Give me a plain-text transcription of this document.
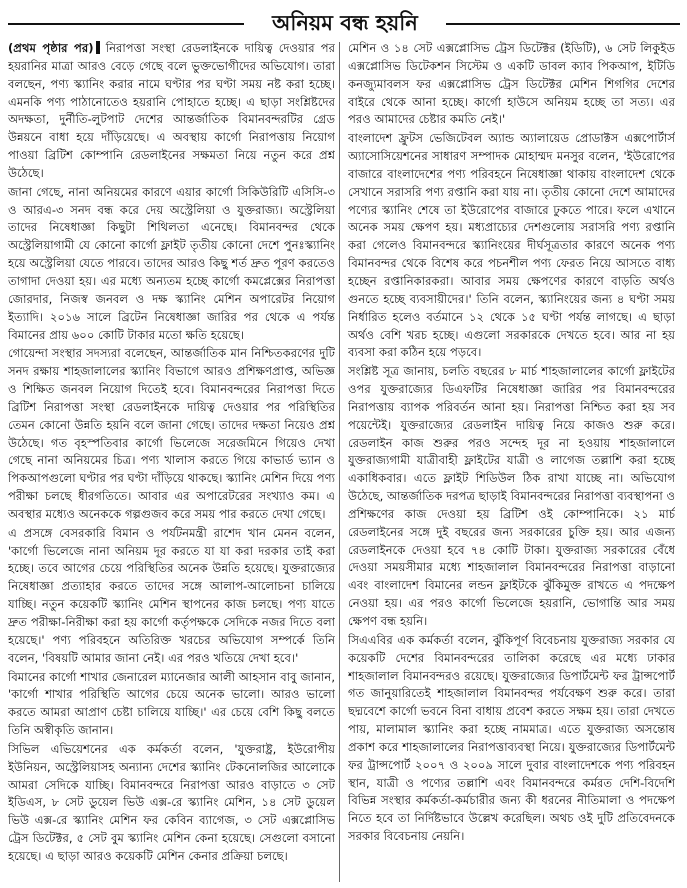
অনিয়ম বন্ধ হয়নি

(প্রথম পৃষ্ঠার পর) নিরাপত্তা সংস্থা রেডলাইনকে দায়িত্ব দেওয়ার পর হয়রানির মাত্রা আরও বেড়ে গেছে বলে ভুক্তভোগীদের অভিযোগ। তারা বলছেন, পণ্য স্ক্যানিং করার নামে ঘণ্টার পর ঘণ্টা সময় নষ্ট করা হচ্ছে। এমনকি পণ্য পাঠানোতেও হয়রানি পোহাতে হচ্ছে। এ ছাড়া সংশ্লিষ্টদের অদক্ষতা, দুর্নীতি-লুটপাট দেশের আন্তর্জাতিক বিমানবন্দরটির গ্রেড উন্নয়নে বাধা হয়ে দাঁড়িয়েছে। এ অবস্থায় কার্গো নিরাপত্তায় নিয়োগ পাওয়া ব্রিটিশ কোম্পানি রেডলাইনের সক্ষমতা নিয়ে নতুন করে প্রশ্ন উঠেছে।

জানা গেছে, নানা অনিয়মের কারণে এয়ার কার্গো সিকিউরিটি এসিসি-৩ ও আরএ-৩ সনদ বন্ধ করে দেয় অস্ট্রেলিয়া ও যুক্তরাজ্য। অস্ট্রেলিয়া তাদের নিষেধাজ্ঞা কিছুটা শিথিলতা এনেছে। বিমানবন্দর থেকে অস্ট্রেলিয়াগামী যে কোনো কার্গো ফ্লাইট তৃতীয় কোনো দেশে পুনঃস্ক্যানিং হয়ে অস্ট্রেলিয়া যেতে পারবে। তাদের আরও কিছু শর্ত দ্রুত পূরণ করতেও তাগাদা দেওয়া হয়। এর মধ্যে অন্যতম হচ্ছে কার্গো কমপ্লেক্সের নিরাপত্তা জোরদার, নিজস্ব জনবল ও দক্ষ স্ক্যানিং মেশিন অপারেটর নিয়োগ ইত্যাদি। ২০১৬ সালে ব্রিটেন নিষেধাজ্ঞা জারির পর থেকে এ পর্যন্ত বিমানের প্রায় ৬০০ কোটি টাকার মতো ক্ষতি হয়েছে।

গোয়েন্দা সংস্থার সদস্যরা বলেছেন, আন্তর্জাতিক মান নিশ্চিতকরণের দুটি সনদ রক্ষায় শাহজালালের স্ক্যানিং বিভাগে আরও প্রশিক্ষণপ্রাপ্ত, অভিজ্ঞ ও শিক্ষিত জনবল নিয়োগ দিতেই হবে। বিমানবন্দরের নিরাপত্তা দিতে ব্রিটিশ নিরাপত্তা সংস্থা রেডলাইনকে দায়িত্ব দেওয়ার পর পরিস্থিতির তেমন কোনো উন্নতি হয়নি বলে জানা গেছে। তাদের দক্ষতা নিয়েও প্রশ্ন উঠেছে। গত বৃহস্পতিবার কার্গো ভিলেজে সরেজমিনে গিয়েও দেখা গেছে নানা অনিয়মের চিত্র। পণ্য খালাস করতে গিয়ে কাভার্ড ভ্যান ও পিকআপগুলো ঘণ্টার পর ঘণ্টা দাঁড়িয়ে থাকছে। স্ক্যানিং মেশিন দিয়ে পণ্য পরীক্ষা চলছে ধীরগতিতে। আবার এর অপারেটরের সংখ্যাও কম। এ অবস্থার মধ্যেও অনেককে গল্পগুজব করে সময় পার করতে দেখা গেছে।

এ প্রসঙ্গে বেসরকারি বিমান ও পর্যটনমন্ত্রী রাশেদ খান মেনন বলেন, 'কার্গো ভিলেজে নানা অনিয়ম দূর করতে যা যা করা দরকার তাই করা হচ্ছে। তবে আগের চেয়ে পরিস্থিতির অনেক উন্নতি হয়েছে। যুক্তরাজ্যের নিষেধাজ্ঞা প্রত্যাহার করতে তাদের সঙ্গে আলাপ-আলোচনা চালিয়ে যাচ্ছি। নতুন কয়েকটি স্ক্যানিং মেশিন স্থাপনের কাজ চলছে। পণ্য যাতে দ্রুত পরীক্ষা-নিরীক্ষা করা হয় কার্গো কর্তৃপক্ষকে সেদিকে নজর দিতে বলা হয়েছে।' পণ্য পরিবহনে অতিরিক্ত খরচের অভিযোগ সম্পর্কে তিনি বলেন, 'বিষয়টি আমার জানা নেই। এর পরও খতিয়ে দেখা হবে।'

বিমানের কার্গো শাখার জেনারেল ম্যানেজার আলী আহসান বাবু জানান, 'কার্গো শাখার পরিস্থিতি আগের চেয়ে অনেক ভালো। আরও ভালো করতে আমরা আপ্রাণ চেষ্টা চালিয়ে যাচ্ছি।' এর চেয়ে বেশি কিছু বলতে তিনি অস্বীকৃতি জানান।

সিভিল এভিয়েশনের এক কর্মকর্তা বলেন, 'যুক্তরাষ্ট্র, ইউরোপীয় ইউনিয়ন, অস্ট্রেলিয়াসহ অন্যান্য দেশের স্ক্যানিং টেকনোলজির আলোকে আমরা সেদিকে যাচ্ছি। বিমানবন্দরে নিরাপত্তা আরও বাড়াতে ৩ সেট ইডিএস, ৮ সেট ডুয়েল ভিউ এক্স-রে স্ক্যানিং মেশিন, ১৪ সেট ডুয়েল ভিউ এক্স-রে স্ক্যানিং মেশিন ফর কেবিন ব্যাগেজ, ৩ সেট এক্সপ্লোসিভ ট্রেস ডিটেক্টর, ৫ সেট বুম স্ক্যানিং মেশিন কেনা হয়েছে। সেগুলো বসানো হয়েছে। এ ছাড়া আরও কয়েকটি মেশিন কেনার প্রক্রিয়া চলছে।

মেশিন ও ১৪ সেট এক্সপ্লোসিভ ট্রেস ডিটেক্টর (ইডিটি), ৬ সেট লিকুইড এক্সপ্লোসিভ ডিটেকশন সিস্টেম ও একটি ডাবল ক্যাব পিকআপ, ইটিডি কনজ্যুমাবলস ফর এক্সপ্লোসিভ ট্রেস ডিটেক্টর মেশিন শিগগির দেশের বাইরে থেকে আনা হচ্ছে। কার্গো হাউসে অনিয়ম হচ্ছে তা সত্য। এর পরও আমাদের চেষ্টার কমতি নেই।'

বাংলাদেশ ফ্রুটস ভেজিটেবল অ্যান্ড অ্যালায়েড প্রোডাক্টস এক্সপোর্টার্স অ্যাসোসিয়েশনের সাধারণ সম্পাদক মোহাম্মদ মনসুর বলেন, 'ইউরোপের বাজারে বাংলাদেশের পণ্য পরিবহনে নিষেধাজ্ঞা থাকায় বাংলাদেশ থেকে সেখানে সরাসরি পণ্য রপ্তানি করা যায় না। তৃতীয় কোনো দেশে আমাদের পণ্যের স্ক্যানিং শেষে তা ইউরোপের বাজারে ঢুকতে পারে। ফলে এখানে অনেক সময় ক্ষেপণ হয়। মধ্যপ্রাচ্যের দেশগুলোয় সরাসরি পণ্য রপ্তানি করা গেলেও বিমানবন্দরে স্ক্যানিংয়ের দীর্ঘসূত্রতার কারণে অনেক পণ্য বিমানবন্দর থেকে বিশেষ করে পচনশীল পণ্য ফেরত নিয়ে আসতে বাধ্য হচ্ছেন রপ্তানিকারকরা। আবার সময় ক্ষেপণের কারণে বাড়তি অর্থও গুনতে হচ্ছে ব্যবসায়ীদের।' তিনি বলেন, স্ক্যানিংয়ের জন্য ৪ ঘণ্টা সময় নির্ধারিত হলেও বর্তমানে ১২ থেকে ১৫ ঘণ্টা পর্যন্ত লাগছে। এ ছাড়া অর্থও বেশি খরচ হচ্ছে। এগুলো সরকারকে দেখতে হবে। আর না হয় ব্যবসা করা কঠিন হয়ে পড়বে।

সংশ্লিষ্ট সূত্র জানায়, চলতি বছরের ৮ মার্চ শাহজালালের কার্গো ফ্লাইটের ওপর যুক্তরাজ্যের ডিএফটির নিষেধাজ্ঞা জারির পর বিমানবন্দরের নিরাপত্তায় ব্যাপক পরিবর্তন আনা হয়। নিরাপত্তা নিশ্চিত করা হয় সব পয়েন্টেই। যুক্তরাজ্যের রেডলাইন দায়িত্ব নিয়ে কাজও শুরু করে। রেডলাইন কাজ শুরুর পরও সন্দেহ দূর না হওয়ায় শাহজালালে যুক্তরাজ্যগামী যাত্রীবাহী ফ্লাইটের যাত্রী ও লাগেজ তল্লাশি করা হচ্ছে একাধিকবার। এতে ফ্লাইট শিডিউল ঠিক রাখা যাচ্ছে না। অভিযোগ উঠেছে, আন্তর্জাতিক দরপত্র ছাড়াই বিমানবন্দরের নিরাপত্তা ব্যবস্থাপনা ও প্রশিক্ষণের কাজ দেওয়া হয় ব্রিটিশ ওই কোম্পানিকে। ২১ মার্চ রেডলাইনের সঙ্গে দুই বছরের জন্য সরকারের চুক্তি হয়। আর এজন্য রেডলাইনকে দেওয়া হবে ৭৪ কোটি টাকা। যুক্তরাজ্য সরকারের বেঁধে দেওয়া সময়সীমার মধ্যে শাহজালাল বিমানবন্দরের নিরাপত্তা বাড়ানো এবং বাংলাদেশ বিমানের লন্ডন ফ্লাইটকে ঝুঁকিমুক্ত রাখতে এ পদক্ষেপ নেওয়া হয়। এর পরও কার্গো ভিলেজে হয়রানি, ভোগান্তি আর সময় ক্ষেপণ বন্ধ হয়নি।

সিএএবির এক কর্মকর্তা বলেন, ঝুঁকিপূর্ণ বিবেচনায় যুক্তরাজ্য সরকার যে কয়েকটি দেশের বিমানবন্দরের তালিকা করেছে এর মধ্যে ঢাকার শাহজালাল বিমানবন্দরও রয়েছে। যুক্তরাজ্যের ডিপার্টমেন্ট ফর ট্রান্সপোর্ট গত জানুয়ারিতেই শাহজালাল বিমানবন্দর পর্যবেক্ষণ শুরু করে। তারা ছদ্মবেশে কার্গো ভবনে বিনা বাধায় প্রবেশ করতে সক্ষম হয়। তারা দেখতে পায়, মালামাল স্ক্যানিং করা হচ্ছে নামমাত্র। এতে যুক্তরাজ্য অসন্তোষ প্রকাশ করে শাহজালালের নিরাপত্তাব্যবস্থা নিয়ে। যুক্তরাজ্যের ডিপার্টমেন্ট ফর ট্রান্সপোর্ট ২০০৭ ও ২০০৯ সালে দুবার বাংলাদেশকে পণ্য পরিবহন স্থান, যাত্রী ও পণ্যের তল্লাশি এবং বিমানবন্দরে কর্মরত দেশি-বিদেশি বিভিন্ন সংস্থার কর্মকর্তা-কর্মচারীর জন্য কী ধরনের নীতিমালা ও পদক্ষেপ নিতে হবে তা নির্দিষ্টভাবে উল্লেখ করেছিল। অথচ ওই দুটি প্রতিবেদনকে সরকার বিবেচনায় নেয়নি।
